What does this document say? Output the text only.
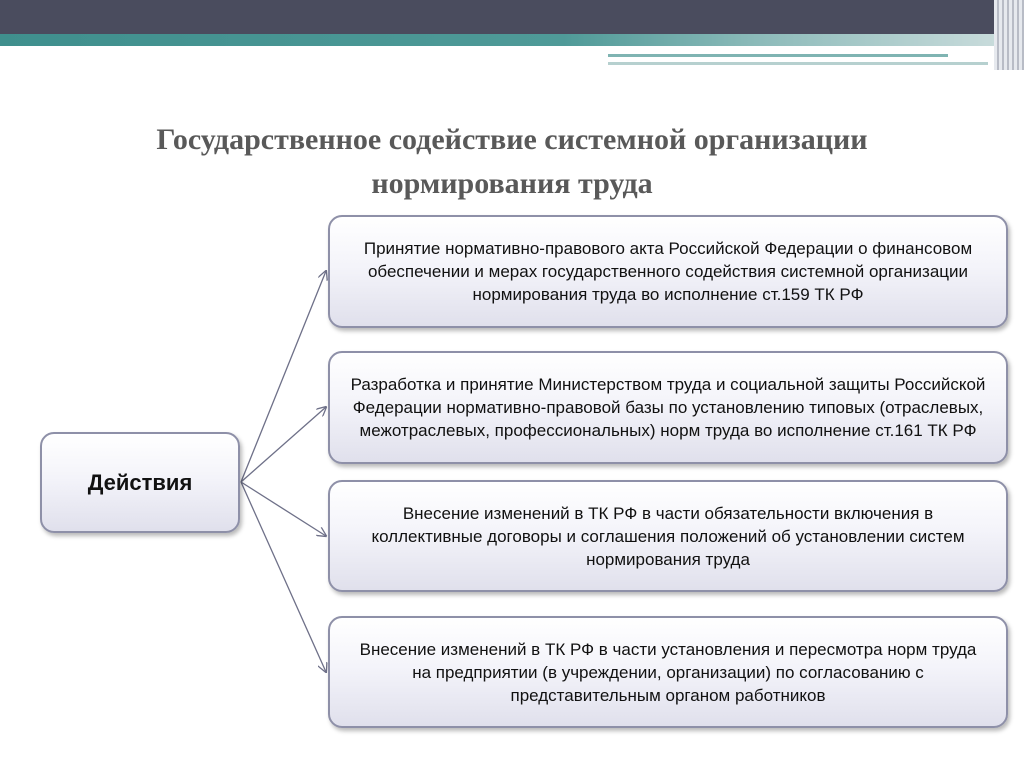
Государственное содействие системной организации нормирования труда
Действия
Принятие нормативно-правового акта Российской Федерации о финансовом обеспечении и мерах государственного содействия системной организации нормирования труда во исполнение ст.159 ТК РФ
Разработка и принятие Министерством труда и социальной защиты Российской Федерации нормативно-правовой базы по установлению типовых (отраслевых, межотраслевых, профессиональных) норм труда во исполнение ст.161 ТК РФ
Внесение изменений в ТК РФ в части обязательности включения в коллективные договоры и соглашения положений об установлении систем нормирования труда
Внесение изменений в ТК РФ в части установления и пересмотра норм труда на предприятии (в учреждении, организации) по согласованию с представительным органом работников
